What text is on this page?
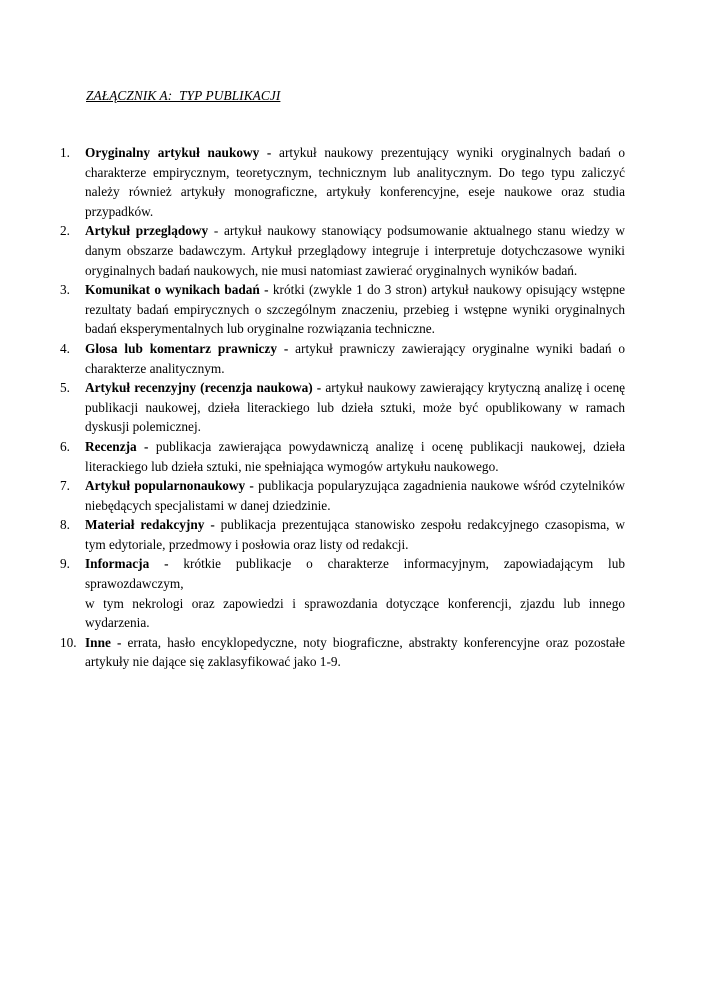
ZAŁĄCZNIK A:  TYP PUBLIKACJI
1.	Oryginalny artykuł naukowy - artykuł naukowy prezentujący wyniki oryginalnych badań o charakterze empirycznym, teoretycznym, technicznym lub analitycznym. Do tego typu zaliczyć należy również artykuły monograficzne, artykuły konferencyjne, eseje naukowe oraz studia przypadków.
2.	Artykuł przeglądowy - artykuł naukowy stanowiący podsumowanie aktualnego stanu wiedzy w danym obszarze badawczym. Artykuł przeglądowy integruje i interpretuje dotychczasowe wyniki oryginalnych badań naukowych, nie musi natomiast zawierać oryginalnych wyników badań.
3.	Komunikat o wynikach badań - krótki (zwykle 1 do 3 stron) artykuł naukowy opisujący wstępne rezultaty badań empirycznych o szczególnym znaczeniu, przebieg i wstępne wyniki oryginalnych badań eksperymentalnych lub oryginalne rozwiązania techniczne.
4.	Glosa lub komentarz prawniczy - artykuł prawniczy zawierający oryginalne wyniki badań o charakterze analitycznym.
5.	Artykuł recenzyjny (recenzja naukowa) - artykuł naukowy zawierający krytyczną analizę i ocenę publikacji naukowej, dzieła literackiego lub dzieła sztuki, może być opublikowany w ramach dyskusji polemicznej.
6.	Recenzja - publikacja zawierająca powydawniczą analizę i ocenę publikacji naukowej, dzieła literackiego lub dzieła sztuki, nie spełniająca wymogów artykułu naukowego.
7.	Artykuł popularnonaukowy - publikacja popularyzująca zagadnienia naukowe wśród czytelników niebędących specjalistami w danej dziedzinie.
8.	Materiał redakcyjny - publikacja prezentująca stanowisko zespołu redakcyjnego czasopisma, w tym edytoriale, przedmowy i posłowia oraz listy od redakcji.
9.	Informacja - krótkie publikacje o charakterze informacyjnym, zapowiadającym lub sprawozdawczym,
w tym nekrologi oraz zapowiedzi i sprawozdania dotyczące konferencji, zjazdu lub innego wydarzenia.
10. Inne - errata, hasło encyklopedyczne, noty biograficzne, abstrakty konferencyjne oraz pozostałe artykuły nie dające się zaklasyfikować jako 1-9.
